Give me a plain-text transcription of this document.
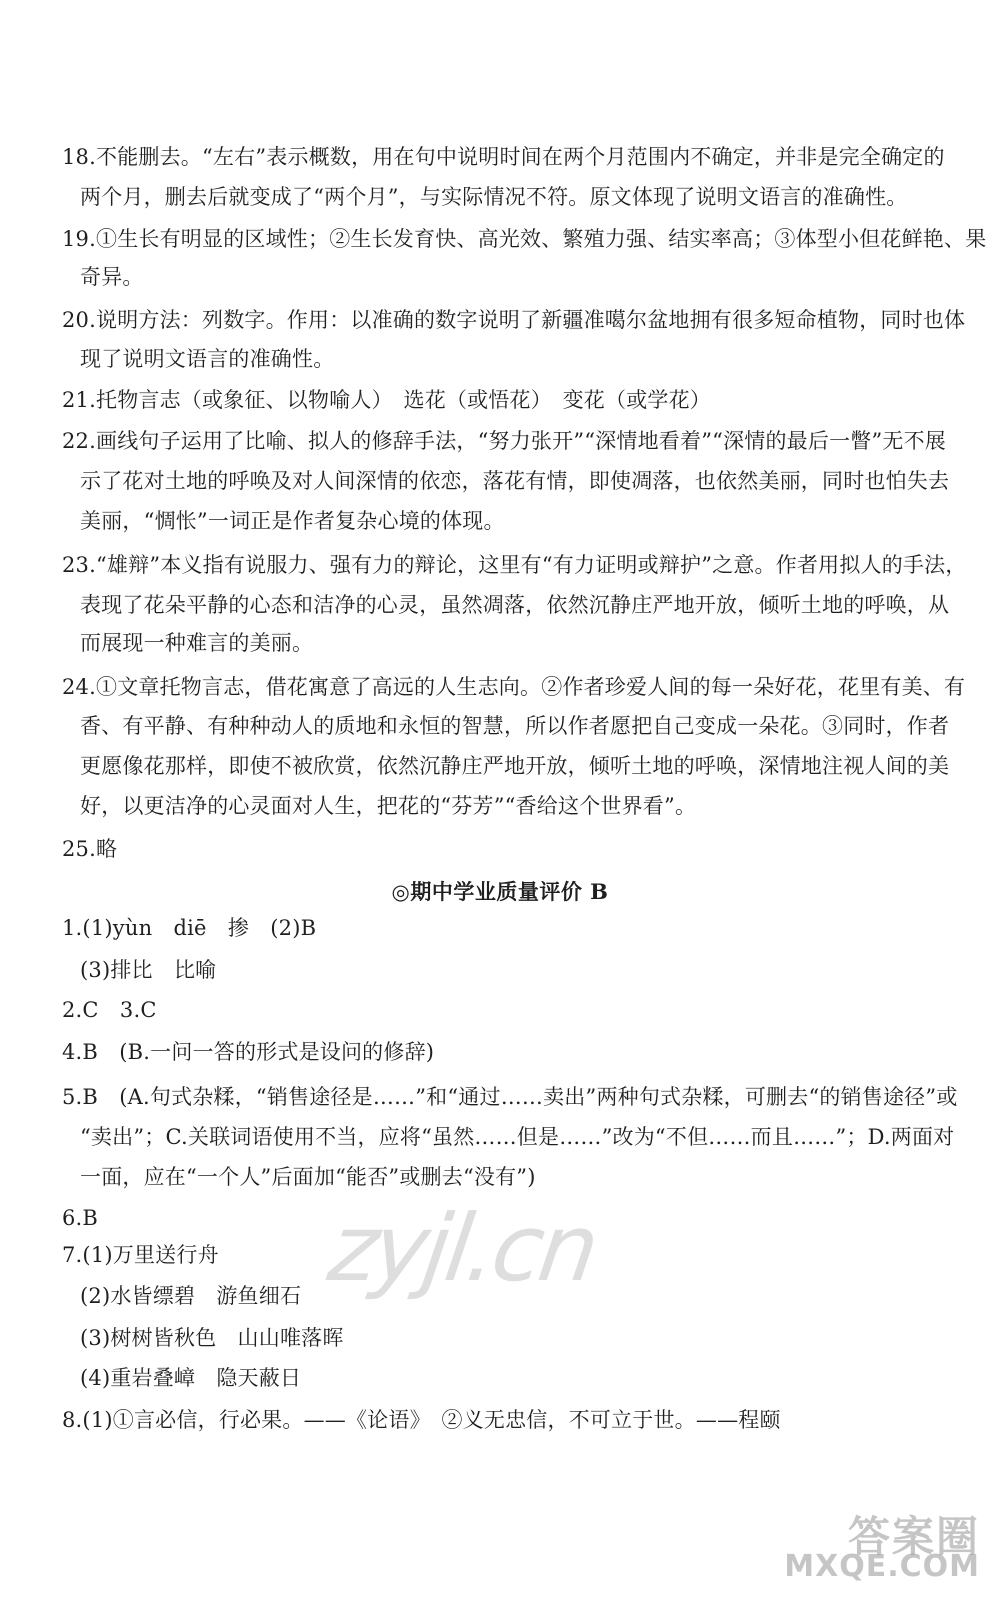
18.不能删去。“左右”表示概数，用在句中说明时间在两个月范围内不确定，并非是完全确定的
两个月，删去后就变成了“两个月”，与实际情况不符。原文体现了说明文语言的准确性。
19.①生长有明显的区域性；②生长发育快、高光效、繁殖力强、结实率高；③体型小但花鲜艳、果
奇异。
20.说明方法：列数字。作用：以准确的数字说明了新疆准噶尔盆地拥有很多短命植物，同时也体
现了说明文语言的准确性。
21.托物言志（或象征、以物喻人）　选花（或悟花）　变花（或学花）
22.画线句子运用了比喻、拟人的修辞手法，“努力张开”“深情地看着”“深情的最后一瞥”无不展
示了花对土地的呼唤及对人间深情的依恋，落花有情，即使凋落，也依然美丽，同时也怕失去
美丽，“惆怅”一词正是作者复杂心境的体现。
23.“雄辩”本义指有说服力、强有力的辩论，这里有“有力证明或辩护”之意。作者用拟人的手法，
表现了花朵平静的心态和洁净的心灵，虽然凋落，依然沉静庄严地开放，倾听土地的呼唤，从
而展现一种难言的美丽。
24.①文章托物言志，借花寓意了高远的人生志向。②作者珍爱人间的每一朵好花，花里有美、有
香、有平静、有种种动人的质地和永恒的智慧，所以作者愿把自己变成一朵花。③同时，作者
更愿像花那样，即使不被欣赏，依然沉静庄严地开放，倾听土地的呼唤，深情地注视人间的美
好，以更洁净的心灵面对人生，把花的“芬芳”“香给这个世界看”。
25.略
◎期中学业质量评价 B
1.(1)yùn　diē　掺　(2)B
(3)排比　比喻
2.C　3.C
4.B　(B.一问一答的形式是设问的修辞)
5.B　(A.句式杂糅，“销售途径是……”和“通过……卖出”两种句式杂糅，可删去“的销售途径”或
“卖出”；C.关联词语使用不当，应将“虽然……但是……”改为“不但……而且……”；D.两面对
一面，应在“一个人”后面加“能否”或删去“没有”)
6.B
7.(1)万里送行舟
(2)水皆缥碧　游鱼细石
(3)树树皆秋色　山山唯落晖
(4)重岩叠嶂　隐天蔽日
8.(1)①言必信，行必果。——《论语》　②义无忠信，不可立于世。——程颐
zyjl.cn
答案圈
MXQE.COM
